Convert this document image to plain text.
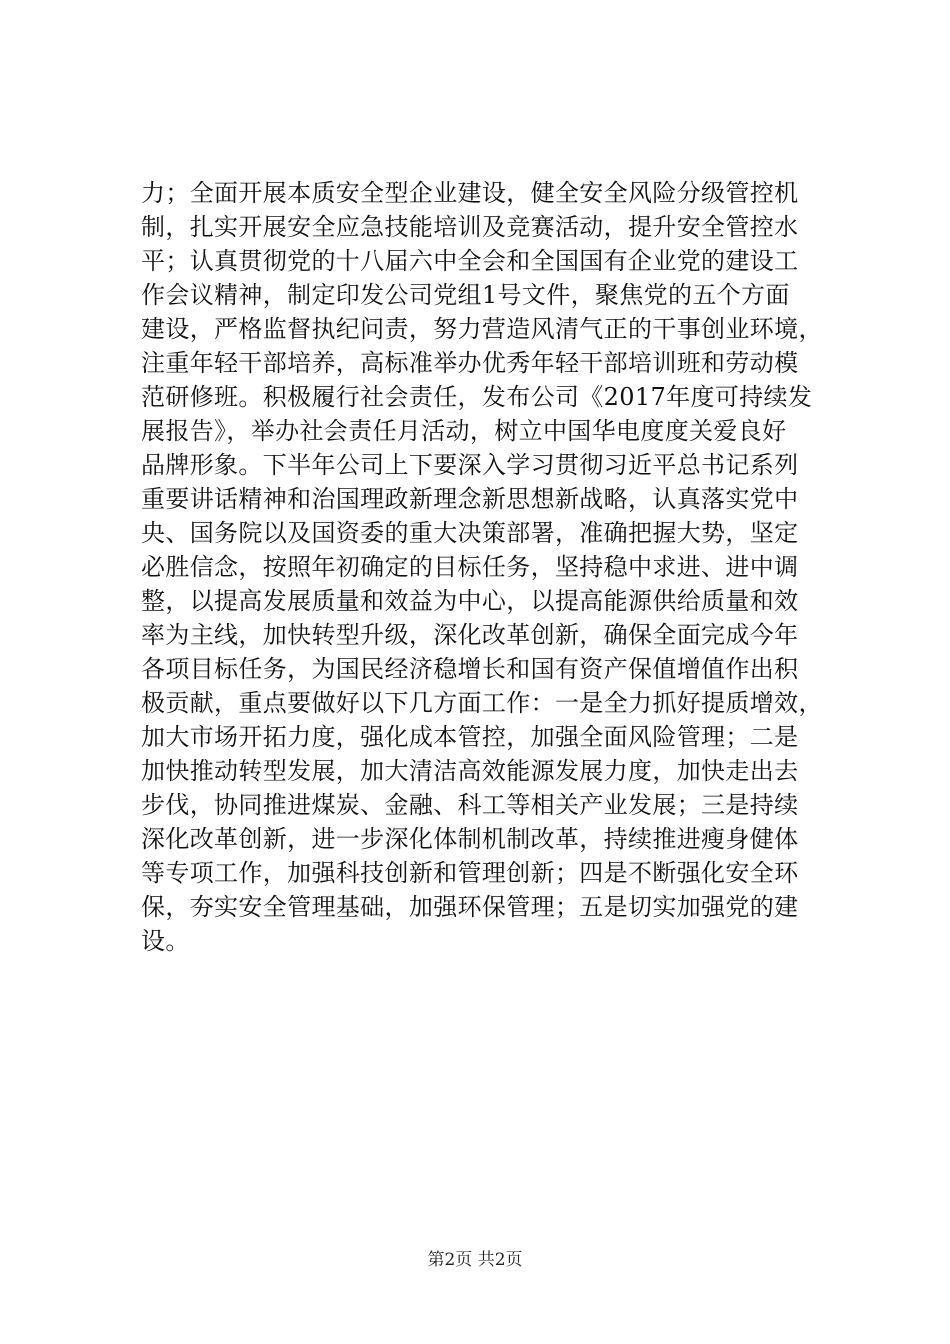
力；全面开展本质安全型企业建设，健全安全风险分级管控机
制，扎实开展安全应急技能培训及竞赛活动，提升安全管控水
平；认真贯彻党的十八届六中全会和全国国有企业党的建设工
作会议精神，制定印发公司党组1号文件，聚焦党的五个方面
建设，严格监督执纪问责，努力营造风清气正的干事创业环境，
注重年轻干部培养，高标准举办优秀年轻干部培训班和劳动模
范研修班。积极履行社会责任，发布公司《2017年度可持续发
展报告》，举办社会责任月活动，树立中国华电度度关爱良好
品牌形象。下半年公司上下要深入学习贯彻习近平总书记系列
重要讲话精神和治国理政新理念新思想新战略，认真落实党中
央、国务院以及国资委的重大决策部署，准确把握大势，坚定
必胜信念，按照年初确定的目标任务，坚持稳中求进、进中调
整，以提高发展质量和效益为中心，以提高能源供给质量和效
率为主线，加快转型升级，深化改革创新，确保全面完成今年
各项目标任务，为国民经济稳增长和国有资产保值增值作出积
极贡献，重点要做好以下几方面工作：一是全力抓好提质增效，
加大市场开拓力度，强化成本管控，加强全面风险管理；二是
加快推动转型发展，加大清洁高效能源发展力度，加快走出去
步伐，协同推进煤炭、金融、科工等相关产业发展；三是持续
深化改革创新，进一步深化体制机制改革，持续推进瘦身健体
等专项工作，加强科技创新和管理创新；四是不断强化安全环
保，夯实安全管理基础，加强环保管理；五是切实加强党的建
设。
第2页 共2页
